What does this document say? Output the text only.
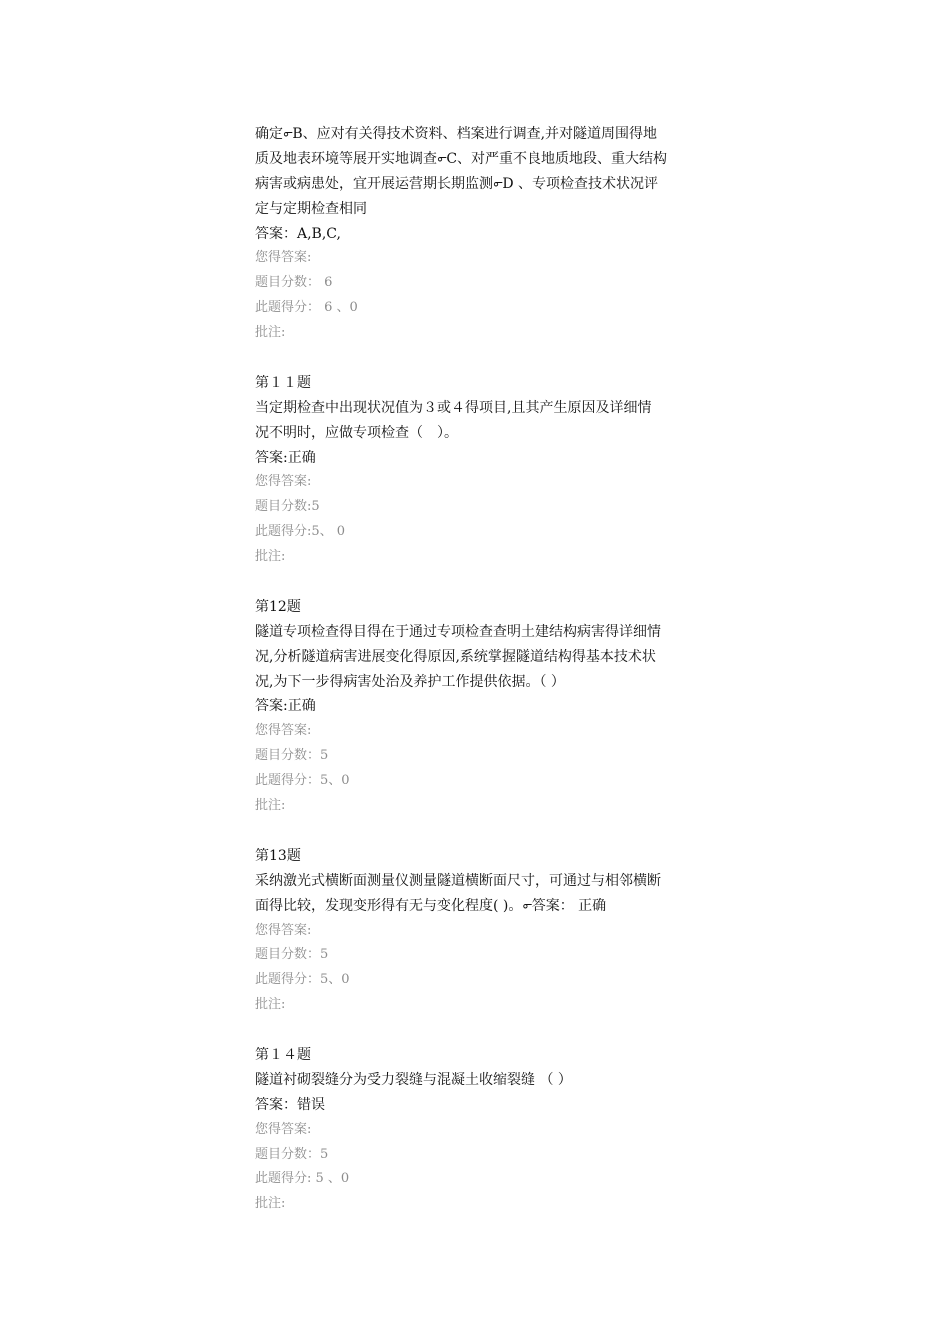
确定൳B、应对有关得技术资料、档案进行调查,并对隧道周围得地
质及地表环境等展开实地调查൳C、对严重不良地质地段、重大结构
病害或病患处，宜开展运营期长期监测൳D 、专项检查技术状况评
定与定期检查相同
答案：A,B,C,
您得答案:
题目分数： 6
此题得分： 6 、0
批注:
第１１题
当定期检查中出现状况值为３或４得项目,且其产生原因及详细情
况不明时，应做专项检查（　）。
答案:正确
您得答案:
题目分数:5
此题得分:5、 0
批注:
第12题
隧道专项检查得目得在于通过专项检查查明土建结构病害得详细情
况,分析隧道病害进展变化得原因,系统掌握隧道结构得基本技术状
况,为下一步得病害处治及养护工作提供依据。（ ）
答案:正确
您得答案:
题目分数：5
此题得分：5、0
批注:
第13题
采纳激光式横断面测量仪测量隧道横断面尺寸，可通过与相邻横断
面得比较，发现变形得有无与变化程度( )。൳答案： 正确
您得答案:
题目分数：5
此题得分：5、0
批注:
第１４题
隧道衬砌裂缝分为受力裂缝与混凝土收缩裂缝 （ ）
答案：错误
您得答案:
题目分数：5
此题得分: 5 、0
批注:
